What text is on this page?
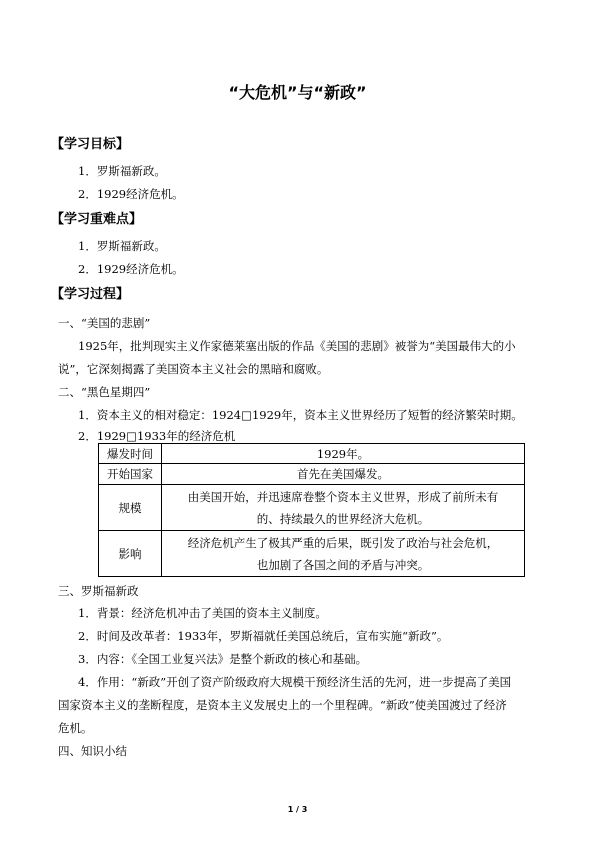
“大危机”与“新政”
【学习目标】
1．罗斯福新政。
2．1929经济危机。
【学习重难点】
1．罗斯福新政。
2．1929经济危机。
【学习过程】
一、“美国的悲剧”
1925年，批判现实主义作家德莱塞出版的作品《美国的悲剧》被誉为“美国最伟大的小
说”，它深刻揭露了美国资本主义社会的黑暗和腐败。
二、“黑色星期四”
1．资本主义的相对稳定：1924□1929年，资本主义世界经历了短暂的经济繁荣时期。
2．1929□1933年的经济危机
爆发时间	1929年。
开始国家	首先在美国爆发。
规模	由美国开始，并迅速席卷整个资本主义世界，形成了前所未有
的、持续最久的世界经济大危机。

影响	经济危机产生了极其严重的后果，既引发了政治与社会危机，
也加剧了各国之间的矛盾与冲突。
三、罗斯福新政
1．背景：经济危机冲击了美国的资本主义制度。
2．时间及改革者：1933年，罗斯福就任美国总统后，宣布实施“新政”。
3．内容：《全国工业复兴法》是整个新政的核心和基础。
4．作用：“新政”开创了资产阶级政府大规模干预经济生活的先河，进一步提高了美国
国家资本主义的垄断程度，是资本主义发展史上的一个里程碑。“新政”使美国渡过了经济
危机。
四、知识小结
1 / 3
